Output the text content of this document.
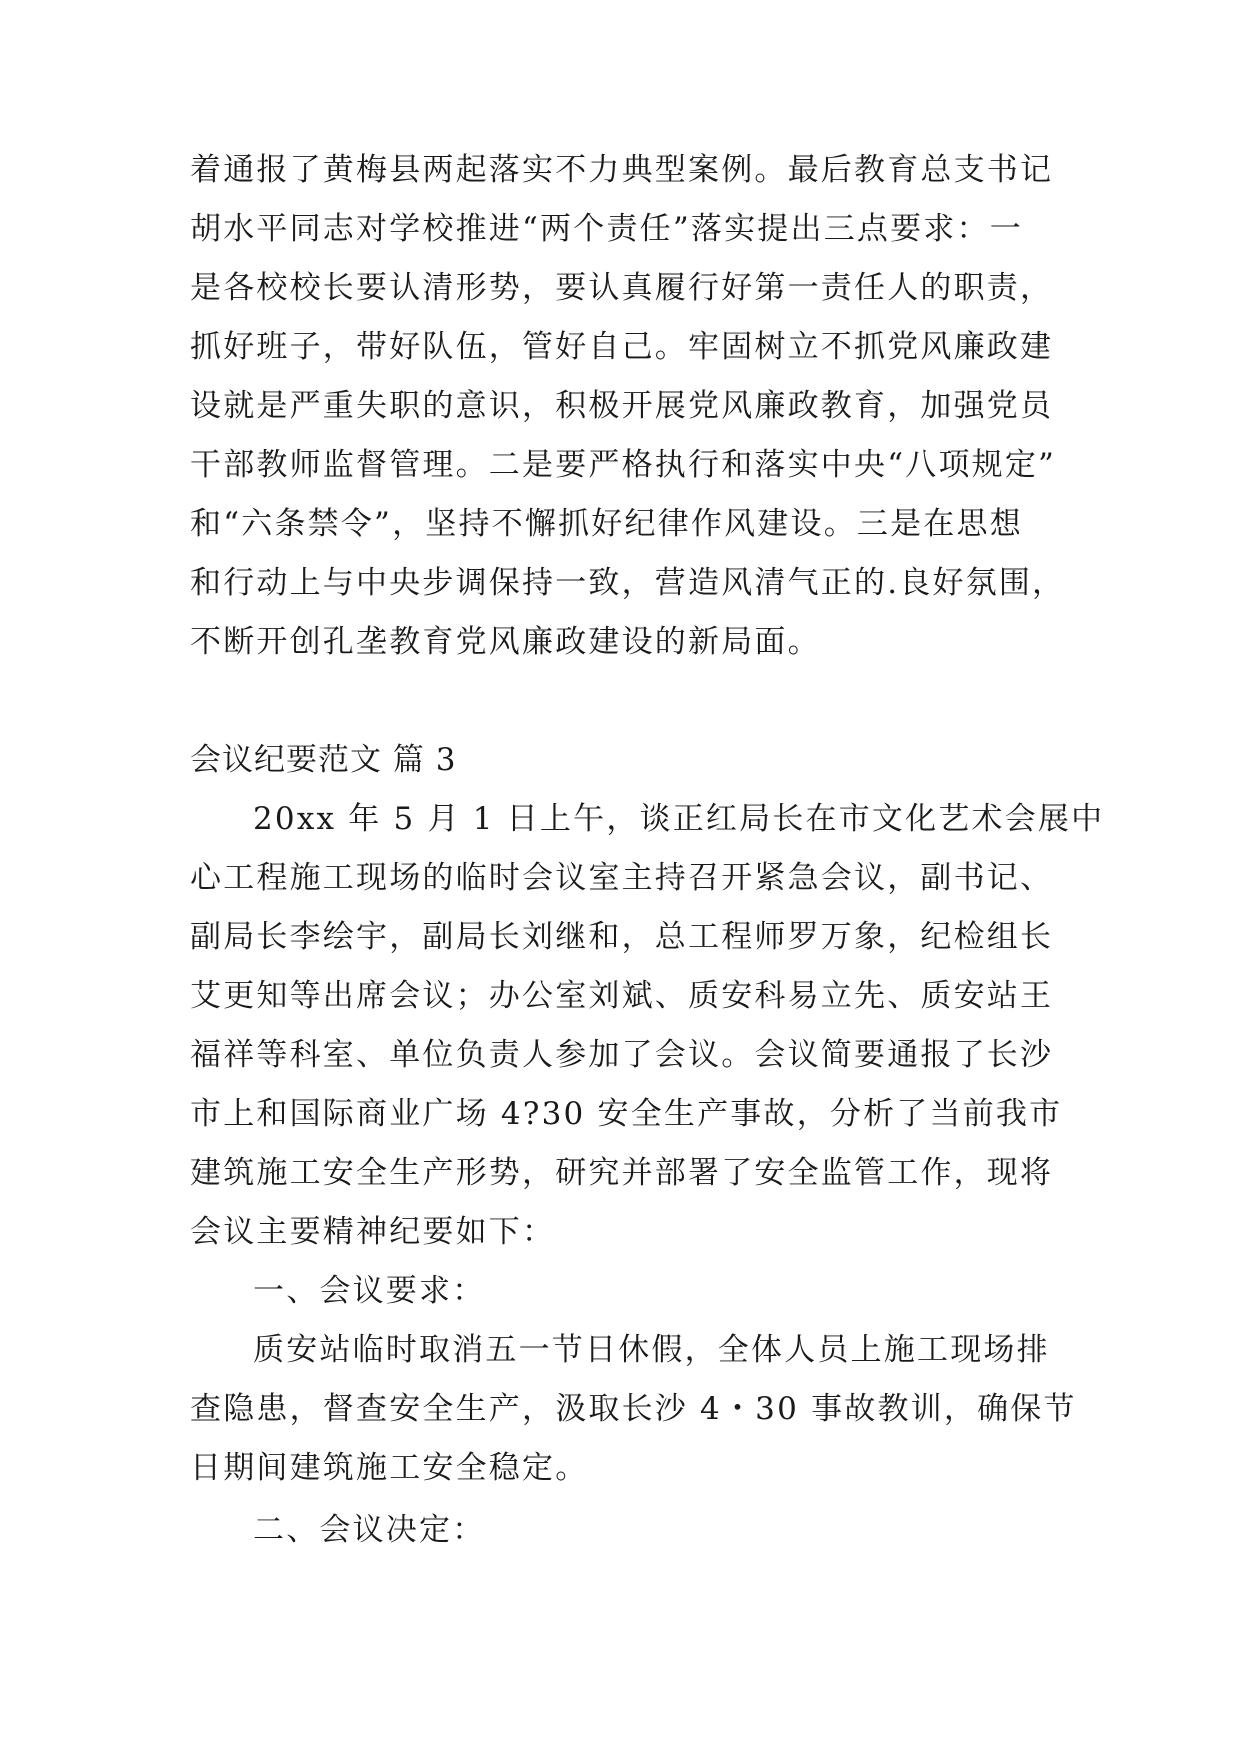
着通报了黄梅县两起落实不力典型案例。最后教育总支书记
胡水平同志对学校推进“两个责任”落实提出三点要求：一
是各校校长要认清形势，要认真履行好第一责任人的职责，
抓好班子，带好队伍，管好自己。牢固树立不抓党风廉政建
设就是严重失职的意识，积极开展党风廉政教育，加强党员
干部教师监督管理。二是要严格执行和落实中央“八项规定”
和“六条禁令”，坚持不懈抓好纪律作风建设。三是在思想
和行动上与中央步调保持一致，营造风清气正的.良好氛围，
不断开创孔垄教育党风廉政建设的新局面。
会议纪要范文 篇 3
20xx 年 5 月 1 日上午，谈正红局长在市文化艺术会展中
心工程施工现场的临时会议室主持召开紧急会议，副书记、
副局长李绘宇，副局长刘继和，总工程师罗万象，纪检组长
艾更知等出席会议；办公室刘斌、质安科易立先、质安站王
福祥等科室、单位负责人参加了会议。会议简要通报了长沙
市上和国际商业广场 4?30 安全生产事故，分析了当前我市
建筑施工安全生产形势，研究并部署了安全监管工作，现将
会议主要精神纪要如下：
一、会议要求：
质安站临时取消五一节日休假，全体人员上施工现场排
查隐患，督查安全生产，汲取长沙 4・30 事故教训，确保节
日期间建筑施工安全稳定。
二、会议决定：
